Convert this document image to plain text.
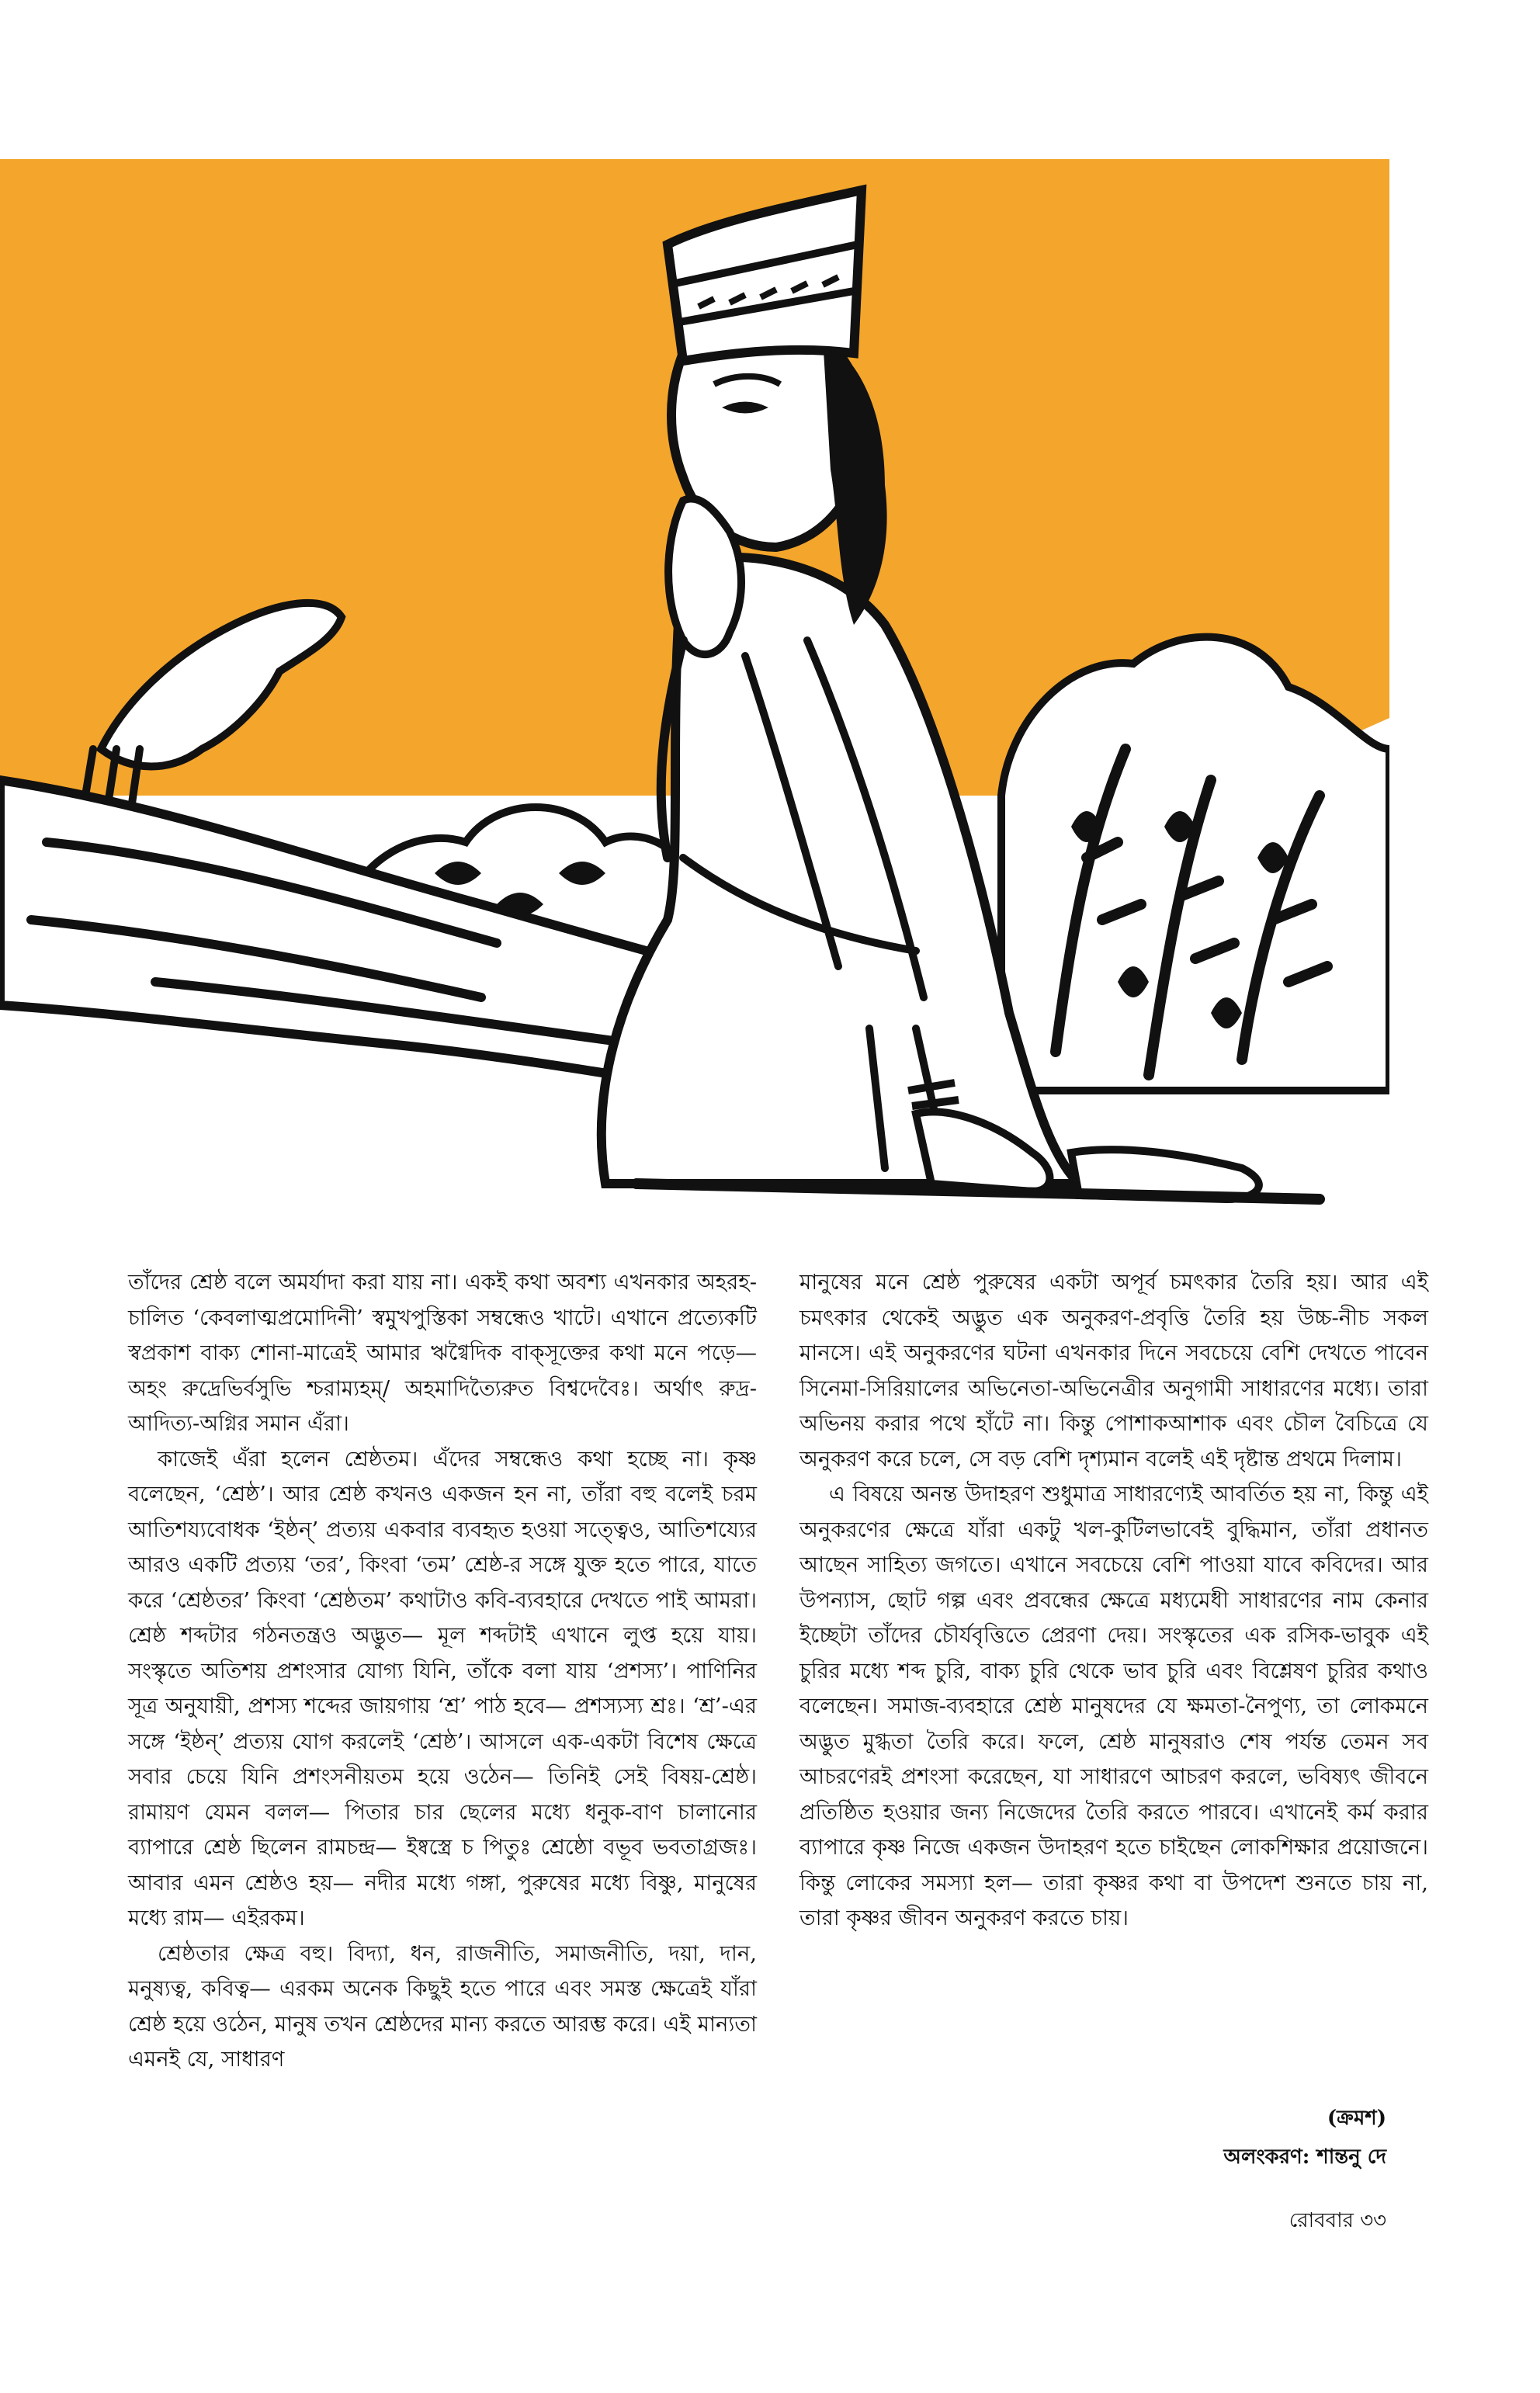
তাঁদের শ্রেষ্ঠ বলে অমর্যাদা করা যায় না। একই কথা অবশ্য এখনকার অহরহ-চালিত ‘কেবলাত্মপ্রমোদিনী’ স্বমুখপুস্তিকা সম্বন্ধেও খাটে। এখানে প্রত্যেকটি স্বপ্রকাশ বাক্য শোনা-মাত্রেই আমার ঋগ্বৈদিক বাক্‌সূক্তের কথা মনে পড়ে— অহং রুদ্রেভির্বসুভি শ্চরাম্যহম্/ অহমাদিত্যৈরুত বিশ্বদেবৈঃ। অর্থাৎ রুদ্র-আদিত্য-অগ্নির সমান এঁরা।

কাজেই এঁরা হলেন শ্রেষ্ঠতম। এঁদের সম্বন্ধেও কথা হচ্ছে না। কৃষ্ণ বলেছেন, ‘শ্রেষ্ঠ’। আর শ্রেষ্ঠ কখনও একজন হন না, তাঁরা বহু বলেই চরম আতিশয্যবোধক ‘ইষ্ঠন্’ প্রত্যয় একবার ব্যবহৃত হওয়া সত্ত্বেও, আতিশয্যের আরও একটি প্রত্যয় ‘তর’, কিংবা ‘তম’ শ্রেষ্ঠ-র সঙ্গে যুক্ত হতে পারে, যাতে করে ‘শ্রেষ্ঠতর’ কিংবা ‘শ্রেষ্ঠতম’ কথাটাও কবি-ব্যবহারে দেখতে পাই আমরা। শ্রেষ্ঠ শব্দটার গঠনতন্ত্রও অদ্ভুত— মূল শব্দটাই এখানে লুপ্ত হয়ে যায়। সংস্কৃতে অতিশয় প্রশংসার যোগ্য যিনি, তাঁকে বলা যায় ‘প্রশস্য’। পাণিনির সূত্র অনুযায়ী, প্রশস্য শব্দের জায়গায় ‘শ্র’ পাঠ হবে— প্রশস্যস্য শ্রঃ। ‘শ্র’-এর সঙ্গে ‘ইষ্ঠন্’ প্রত্যয় যোগ করলেই ‘শ্রেষ্ঠ’। আসলে এক-একটা বিশেষ ক্ষেত্রে সবার চেয়ে যিনি প্রশংসনীয়তম হয়ে ওঠেন— তিনিই সেই বিষয়-শ্রেষ্ঠ। রামায়ণ যেমন বলল— পিতার চার ছেলের মধ্যে ধনুক-বাণ চালানোর ব্যাপারে শ্রেষ্ঠ ছিলেন রামচন্দ্র— ইষ্বস্ত্রে চ পিতুঃ শ্রেষ্ঠো বভূব ভবতাগ্রজঃ। আবার এমন শ্রেষ্ঠও হয়— নদীর মধ্যে গঙ্গা, পুরুষের মধ্যে বিষ্ণু, মানুষের মধ্যে রাম— এইরকম।

শ্রেষ্ঠতার ক্ষেত্র বহু। বিদ্যা, ধন, রাজনীতি, সমাজনীতি, দয়া, দান, মনুষ্যত্ব, কবিত্ব— এরকম অনেক কিছুই হতে পারে এবং সমস্ত ক্ষেত্রেই যাঁরা শ্রেষ্ঠ হয়ে ওঠেন, মানুষ তখন শ্রেষ্ঠদের মান্য করতে আরম্ভ করে। এই মান্যতা এমনই যে, সাধারণ

মানুষের মনে শ্রেষ্ঠ পুরুষের একটা অপূর্ব চমৎকার তৈরি হয়। আর এই চমৎকার থেকেই অদ্ভুত এক অনুকরণ-প্রবৃত্তি তৈরি হয় উচ্চ-নীচ সকল মানসে। এই অনুকরণের ঘটনা এখনকার দিনে সবচেয়ে বেশি দেখতে পাবেন সিনেমা-সিরিয়ালের অভিনেতা-অভিনেত্রীর অনুগামী সাধারণের মধ্যে। তারা অভিনয় করার পথে হাঁটে না। কিন্তু পোশাকআশাক এবং চৌল বৈচিত্রে যে অনুকরণ করে চলে, সে বড় বেশি দৃশ্যমান বলেই এই দৃষ্টান্ত প্রথমে দিলাম।

এ বিষয়ে অনন্ত উদাহরণ শুধুমাত্র সাধারণ্যেই আবর্তিত হয় না, কিন্তু এই অনুকরণের ক্ষেত্রে যাঁরা একটু খল-কুটিলভাবেই বুদ্ধিমান, তাঁরা প্রধানত আছেন সাহিত্য জগতে। এখানে সবচেয়ে বেশি পাওয়া যাবে কবিদের। আর উপন্যাস, ছোট গল্প এবং প্রবন্ধের ক্ষেত্রে মধ্যমেধী সাধারণের নাম কেনার ইচ্ছেটা তাঁদের চৌর্যবৃত্তিতে প্রেরণা দেয়। সংস্কৃতের এক রসিক-ভাবুক এই চুরির মধ্যে শব্দ চুরি, বাক্য চুরি থেকে ভাব চুরি এবং বিশ্লেষণ চুরির কথাও বলেছেন। সমাজ-ব্যবহারে শ্রেষ্ঠ মানুষদের যে ক্ষমতা-নৈপুণ্য, তা লোকমনে অদ্ভুত মুগ্ধতা তৈরি করে। ফলে, শ্রেষ্ঠ মানুষরাও শেষ পর্যন্ত তেমন সব আচরণেরই প্রশংসা করেছেন, যা সাধারণে আচরণ করলে, ভবিষ্যৎ জীবনে প্রতিষ্ঠিত হওয়ার জন্য নিজেদের তৈরি করতে পারবে। এখানেই কর্ম করার ব্যাপারে কৃষ্ণ নিজে একজন উদাহরণ হতে চাইছেন লোকশিক্ষার প্রয়োজনে। কিন্তু লোকের সমস্যা হল— তারা কৃষ্ণর কথা বা উপদেশ শুনতে চায় না, তারা কৃষ্ণর জীবন অনুকরণ করতে চায়।

(ক্রমশ)
অলংকরণ: শান্তনু দে
রোববার ৩৩
